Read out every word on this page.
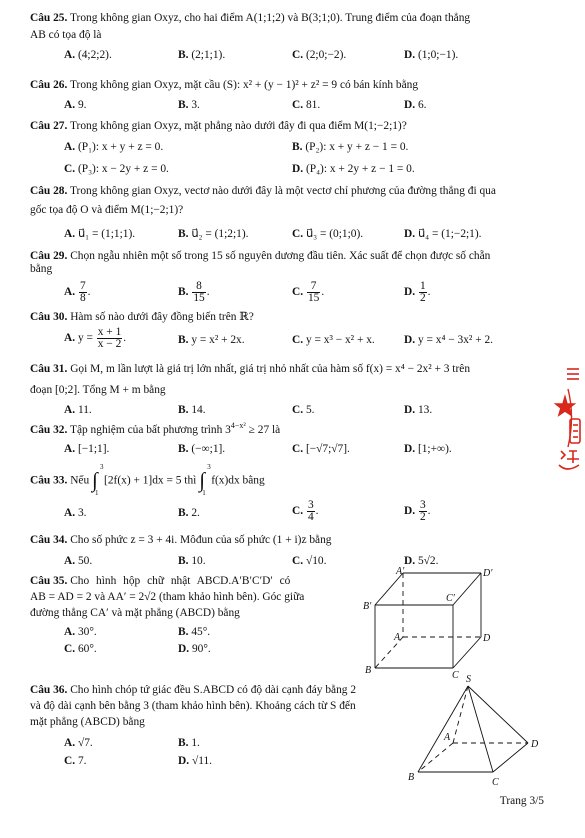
Câu 25. Trong không gian Oxyz, cho hai điểm A(1;1;2) và B(3;1;0). Trung điểm của đoạn thẳng
AB có tọa độ là
A. (4;2;2).	B. (2;1;1).	C. (2;0;−2).	D. (1;0;−1).
Câu 26. Trong không gian Oxyz, mặt cầu (S): x² + (y − 1)² + z² = 9 có bán kính bằng
A. 9.	B. 3.	C. 81.	D. 6.
Câu 27. Trong không gian Oxyz, mặt phẳng nào dưới đây đi qua điểm M(1;−2;1)?
A. (P₁): x + y + z = 0.	B. (P₂): x + y + z − 1 = 0.
C. (P₃): x − 2y + z = 0.	D. (P₄): x + 2y + z − 1 = 0.
Câu 28. Trong không gian Oxyz, vectơ nào dưới đây là một vectơ chỉ phương của đường thẳng đi qua
gốc tọa độ O và điểm M(1;−2;1)?
A. u⃗₁ = (1;1;1).	B. u⃗₂ = (1;2;1).	C. u⃗₃ = (0;1;0).	D. u⃗₄ = (1;−2;1).
Câu 29. Chọn ngẫu nhiên một số trong 15 số nguyên dương đầu tiên. Xác suất để chọn được số chẵn
bằng
A. $\frac{7}{8}$ .	B. $\frac{8}{15}$ .	C. $\frac{7}{15}$ .	D. $\frac{1}{2}$ .
Câu 30. Hàm số nào dưới đây đồng biến trên ℝ?
A. $y = \frac{x + 1}{x - 2}$ .	B. y = x² + 2x.	C. y = x³ − x² + x.	D. y = x⁴ − 3x² + 2.
Câu 31. Gọi M, m lần lượt là giá trị lớn nhất, giá trị nhỏ nhất của hàm số f(x) = x⁴ − 2x² + 3 trên
đoạn [0;2]. Tổng M + m bằng
A. 11.	B. 14.	C. 5.	D. 13.
Câu 32. Tập nghiệm của bất phương trình $3^{4-x^2} \ge 27$ là
A. [−1;1].	B. (−∞;1].	C. [−√7;√7].	D. [1;+∞).
Câu 33. Nếu ∫
3
1
[2f(x) + 1]dx = 5 thì ∫
3
1
f(x)dx bằng
A. 3.	B. 2.	C. $\frac{3}{4}$ .	D. $\frac{3}{2}$ .
Câu 34. Cho số phức z = 3 + 4i. Môđun của số phức (1 + i)z bằng
A. 50.	B. 10.	C. √10.	D. 5√2.
Câu 35. Cho hình hộp chữ nhật ABCD.A′B′C′D′ có
AB = AD = 2 và AA′ = 2√2 (tham khảo hình bên). Góc giữa
đường thẳng CA′ và mặt phẳng (ABCD) bằng
A. 30°.	B. 45°.
C. 60°.	D. 90°.
A′	D′
B′
C′
A	D
B	C
Câu 36. Cho hình chóp tứ giác đều S.ABCD có độ dài cạnh đáy bằng 2
và độ dài cạnh bên bằng 3 (tham khảo hình bên). Khoảng cách từ S đến
mặt phẳng (ABCD) bằng
A. √7.	B. 1.
C. 7.	D. √11.
S
A
D
B	C
Trang 3/5
